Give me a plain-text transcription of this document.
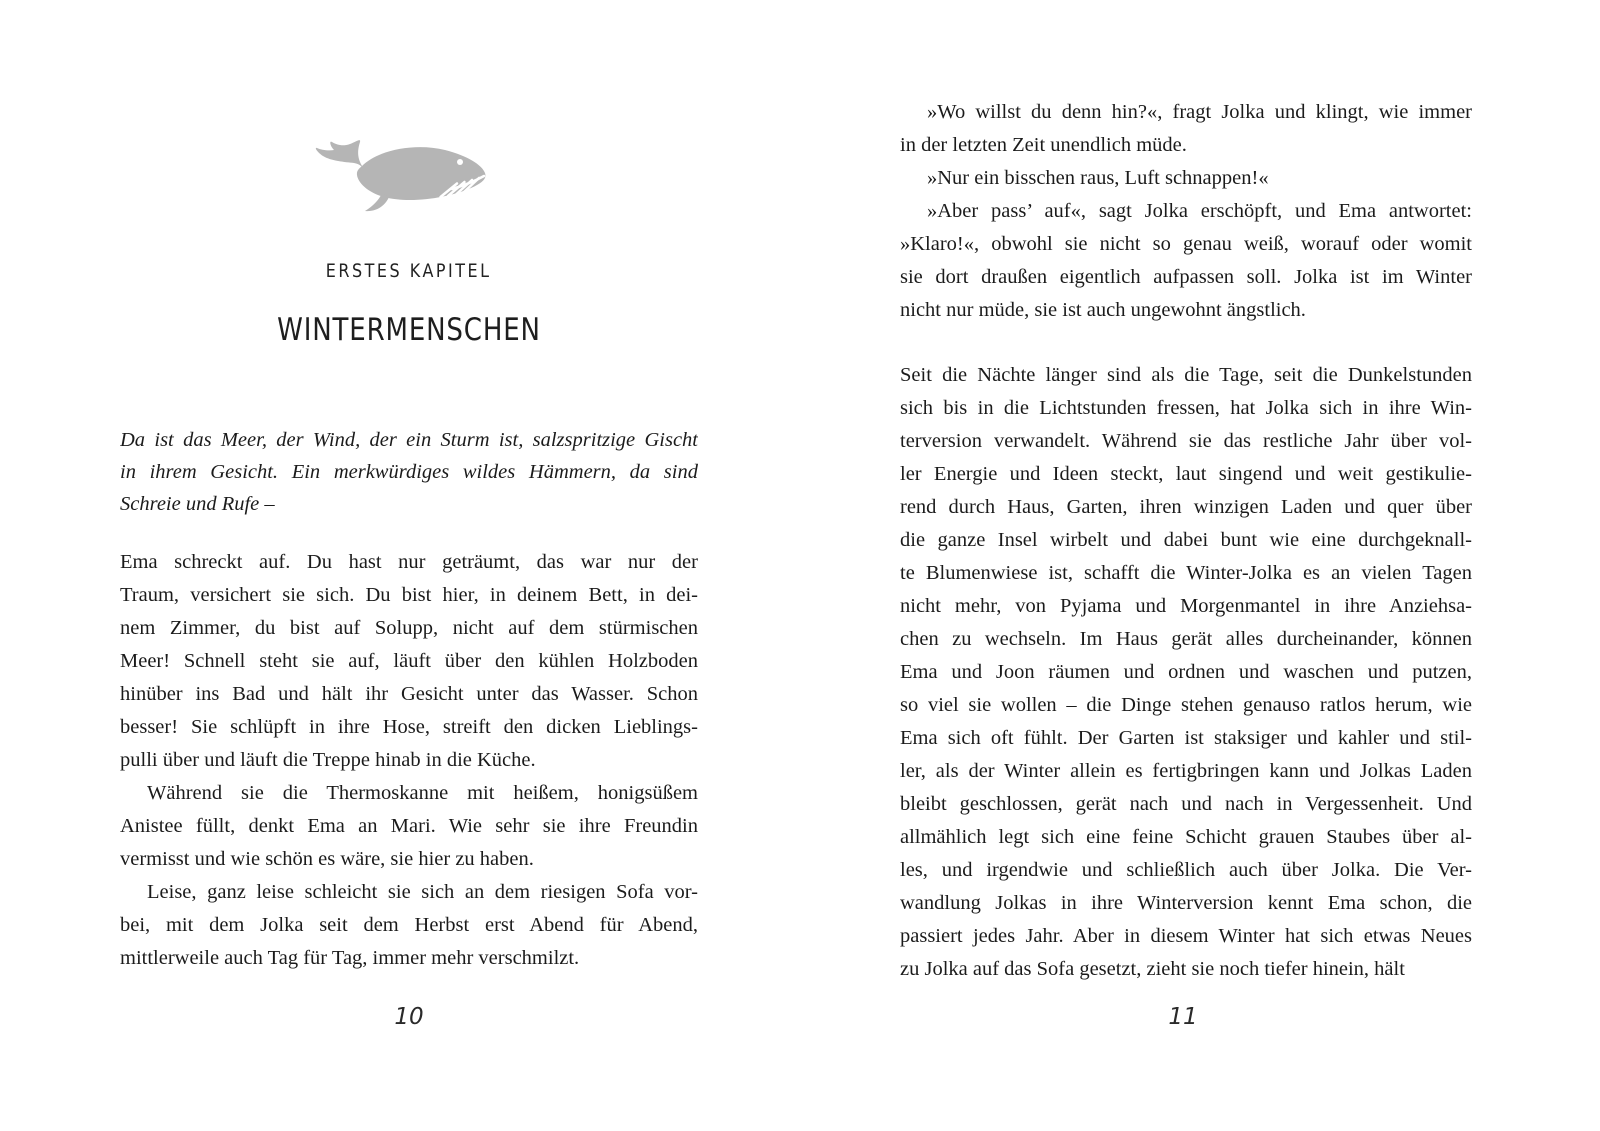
ERSTES KAPITEL
WINTERMENSCHEN
Da ist das Meer, der Wind, der ein Sturm ist, salzspritzige Gischt
in ihrem Gesicht. Ein merkwürdiges wildes Hämmern, da sind
Schreie und Rufe –
Ema schreckt auf. Du hast nur geträumt, das war nur der
Traum, versichert sie sich. Du bist hier, in deinem Bett, in dei-
nem Zimmer, du bist auf Solupp, nicht auf dem stürmischen
Meer! Schnell steht sie auf, läuft über den kühlen Holzboden
hinüber ins Bad und hält ihr Gesicht unter das Wasser. Schon
besser! Sie schlüpft in ihre Hose, streift den dicken Lieblings-
pulli über und läuft die Treppe hinab in die Küche.
Während sie die Thermoskanne mit heißem, honigsüßem
Anistee füllt, denkt Ema an Mari. Wie sehr sie ihre Freundin
vermisst und wie schön es wäre, sie hier zu haben.
Leise, ganz leise schleicht sie sich an dem riesigen Sofa vor-
bei, mit dem Jolka seit dem Herbst erst Abend für Abend,
mittlerweile auch Tag für Tag, immer mehr verschmilzt.
10
»Wo willst du denn hin?«, fragt Jolka und klingt, wie immer
in der letzten Zeit unendlich müde.
»Nur ein bisschen raus, Luft schnappen!«
»Aber pass’ auf«, sagt Jolka erschöpft, und Ema antwortet:
»Klaro!«, obwohl sie nicht so genau weiß, worauf oder womit
sie dort draußen eigentlich aufpassen soll. Jolka ist im Winter
nicht nur müde, sie ist auch ungewohnt ängstlich.
Seit die Nächte länger sind als die Tage, seit die Dunkelstunden
sich bis in die Lichtstunden fressen, hat Jolka sich in ihre Win-
terversion verwandelt. Während sie das restliche Jahr über vol-
ler Energie und Ideen steckt, laut singend und weit gestikulie-
rend durch Haus, Garten, ihren winzigen Laden und quer über
die ganze Insel wirbelt und dabei bunt wie eine durchgeknall-
te Blumenwiese ist, schafft die Winter-Jolka es an vielen Tagen
nicht mehr, von Pyjama und Morgenmantel in ihre Anziehsa-
chen zu wechseln. Im Haus gerät alles durcheinander, können
Ema und Joon räumen und ordnen und waschen und putzen,
so viel sie wollen – die Dinge stehen genauso ratlos herum, wie
Ema sich oft fühlt. Der Garten ist staksiger und kahler und stil-
ler, als der Winter allein es fertigbringen kann und Jolkas Laden
bleibt geschlossen, gerät nach und nach in Vergessenheit. Und
allmählich legt sich eine feine Schicht grauen Staubes über al-
les, und irgendwie und schließlich auch über Jolka. Die Ver-
wandlung Jolkas in ihre Winterversion kennt Ema schon, die
passiert jedes Jahr. Aber in diesem Winter hat sich etwas Neues
zu Jolka auf das Sofa gesetzt, zieht sie noch tiefer hinein, hält
11
